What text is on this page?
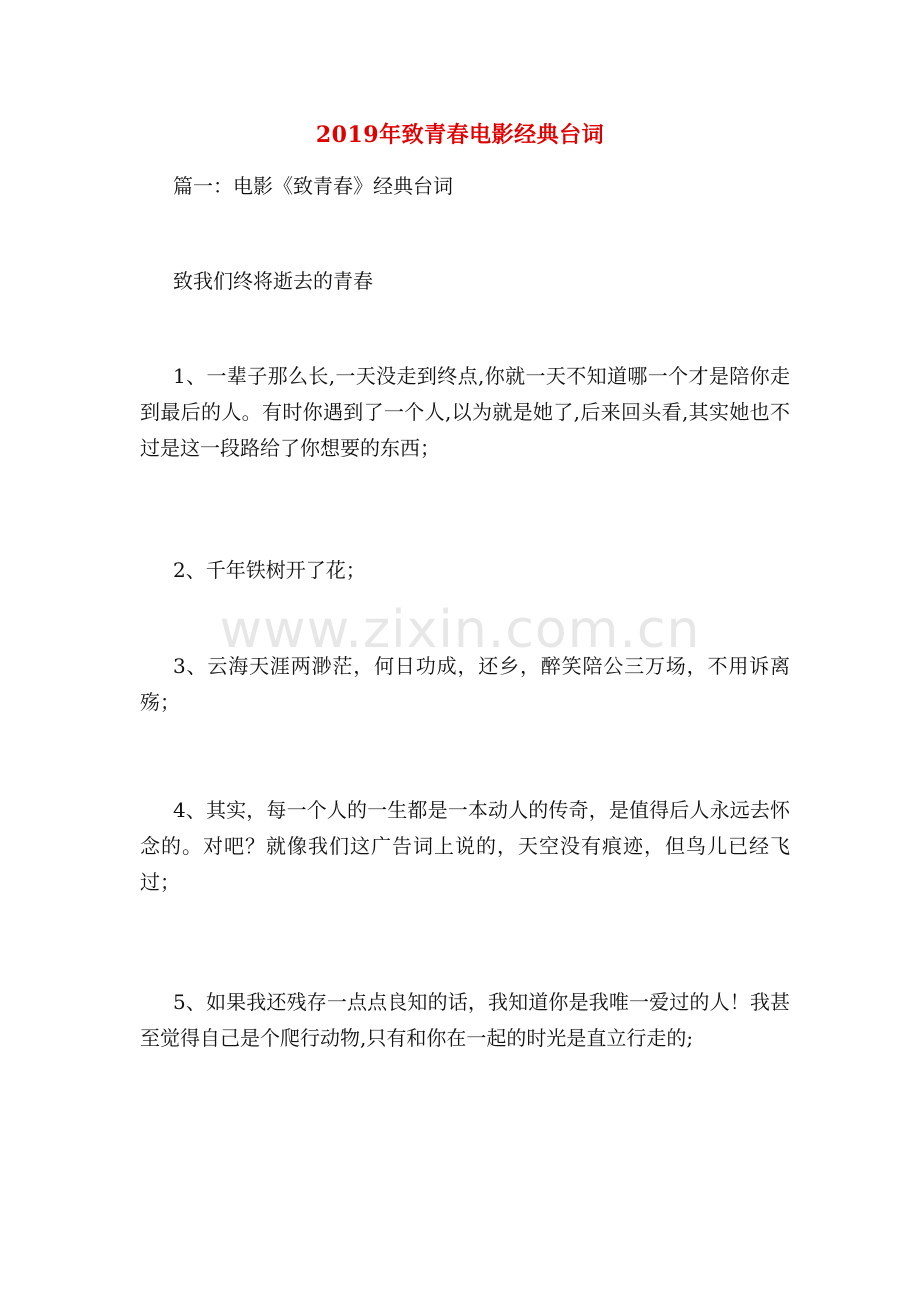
2019年致青春电影经典台词
篇一：电影《致青春》经典台词
致我们终将逝去的青春
1、一辈子那么长,一天没走到终点,你就一天不知道哪一个才是陪你走到最后的人。有时你遇到了一个人,以为就是她了,后来回头看,其实她也不过是这一段路给了你想要的东西；
2、千年铁树开了花；
3、云海天涯两渺茫，何日功成，还乡，醉笑陪公三万场，不用诉离殇；
4、其实，每一个人的一生都是一本动人的传奇，是值得后人永远去怀念的。对吧？就像我们这广告词上说的，天空没有痕迹，但鸟儿已经飞过；
5、如果我还残存一点点良知的话，我知道你是我唯一爱过的人！我甚至觉得自己是个爬行动物,只有和你在一起的时光是直立行走的;
www.zixin.com.cn
